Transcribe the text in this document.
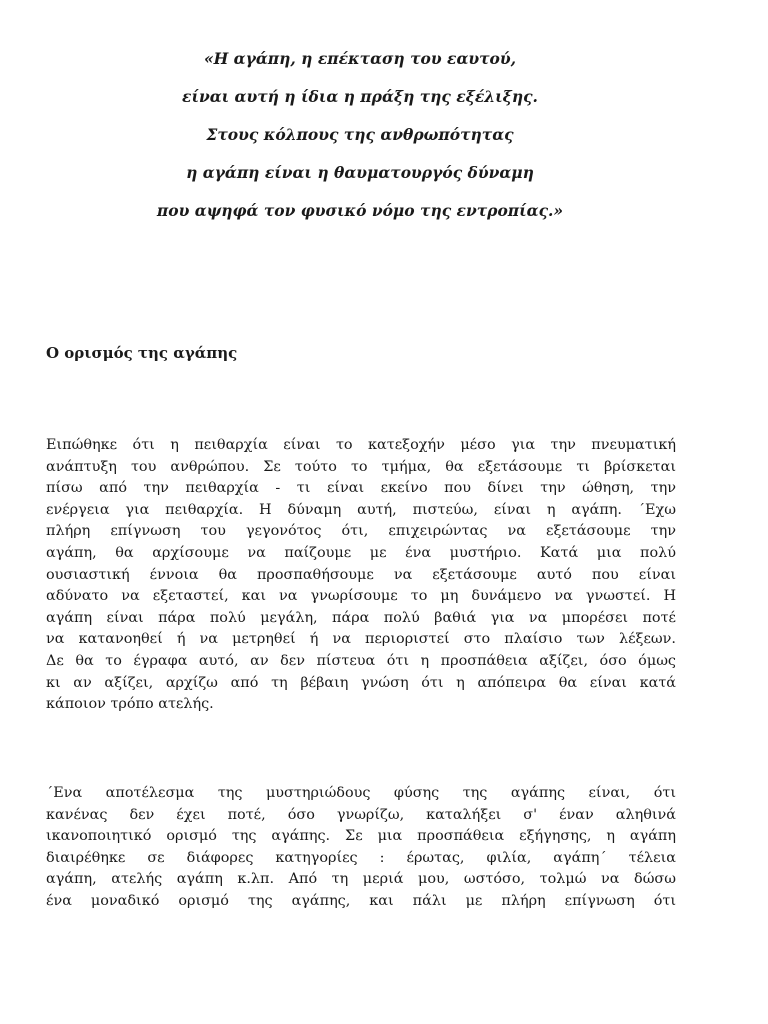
«Η αγάπη, η επέκταση του εαυτού,
είναι αυτή η ίδια η πράξη της εξέλιξης.
Στους κόλπους της ανθρωπότητας
η αγάπη είναι η θαυματουργός δύναμη
που αψηφά τον φυσικό νόμο της εντροπίας.»
Ο ορισμός της αγάπης
Ειπώθηκε ότι η πειθαρχία είναι το κατεξοχήν μέσο για την πνευματική
ανάπτυξη του ανθρώπου. Σε τούτο το τμήμα, θα εξετάσουμε τι βρίσκεται
πίσω από την πειθαρχία - τι είναι εκείνο που δίνει την ώθηση, την
ενέργεια για πειθαρχία. Η δύναμη αυτή, πιστεύω, είναι η αγάπη. ΄Εχω
πλήρη επίγνωση του γεγονότος ότι, επιχειρώντας να εξετάσουμε την
αγάπη, θα αρχίσουμε να παίζουμε με ένα μυστήριο. Κατά μια πολύ
ουσιαστική έννοια θα προσπαθήσουμε να εξετάσουμε αυτό που είναι
αδύνατο να εξεταστεί, και να γνωρίσουμε το μη δυνάμενο να γνωστεί. Η
αγάπη είναι πάρα πολύ μεγάλη, πάρα πολύ βαθιά για να μπορέσει ποτέ
να κατανοηθεί ή να μετρηθεί ή να περιοριστεί στο πλαίσιο των λέξεων.
Δε θα το έγραφα αυτό, αν δεν πίστευα ότι η προσπάθεια αξίζει, όσο όμως
κι αν αξίζει, αρχίζω από τη βέβαιη γνώση ότι η απόπειρα θα είναι κατά
κάποιον τρόπο ατελής.
΄Ενα αποτέλεσμα της μυστηριώδους φύσης της αγάπης είναι, ότι
κανένας δεν έχει ποτέ, όσο γνωρίζω, καταλήξει σ' έναν αληθινά
ικανοποιητικό ορισμό της αγάπης. Σε μια προσπάθεια εξήγησης, η αγάπη
διαιρέθηκε σε διάφορες κατηγορίες : έρωτας, φιλία, αγάπη΄ τέλεια
αγάπη, ατελής αγάπη κ.λπ. Από τη μεριά μου, ωστόσο, τολμώ να δώσω
ένα μοναδικό ορισμό της αγάπης, και πάλι με πλήρη επίγνωση ότι
